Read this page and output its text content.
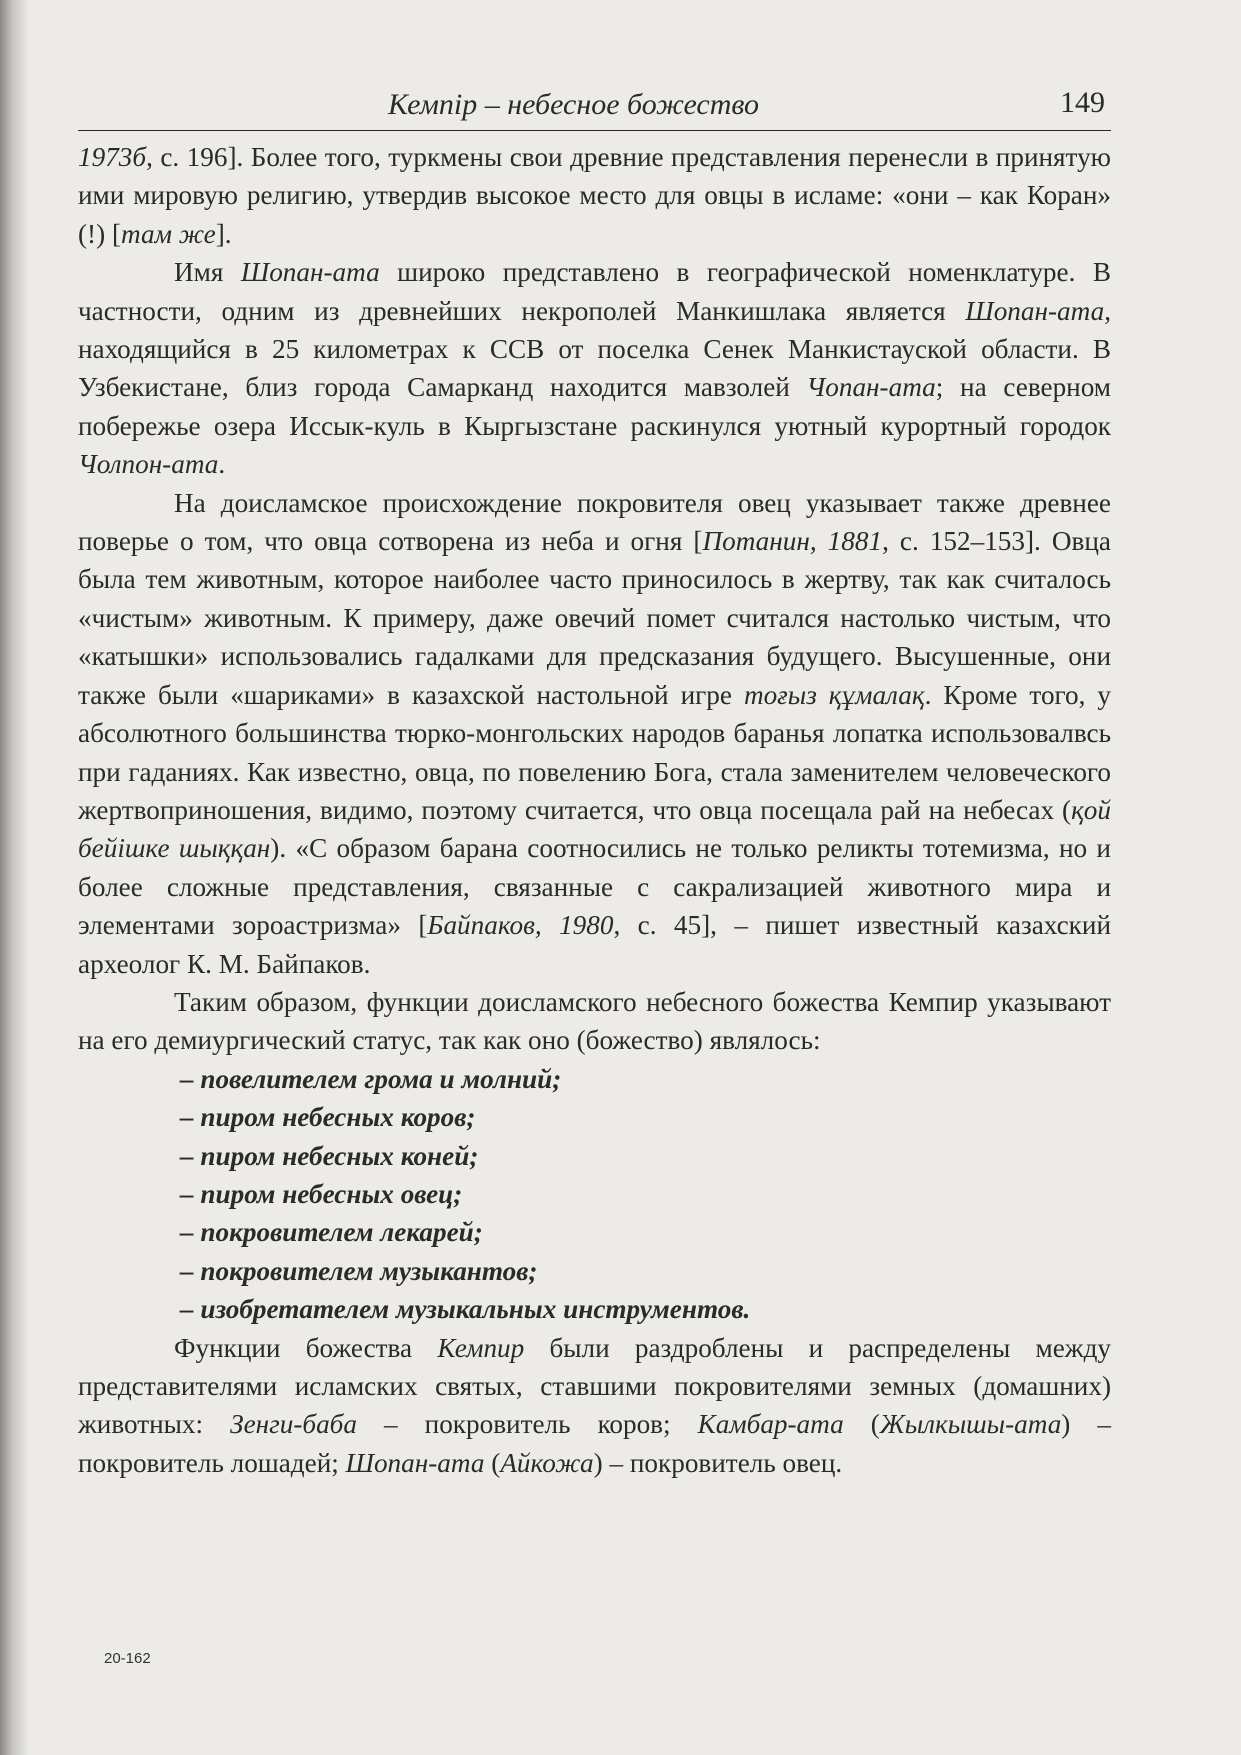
Кемпір – небесное божество	149

1973б, с. 196]. Более того, туркмены свои древние представления перенесли в принятую ими мировую религию, утвердив высокое место для овцы в исламе: «они – как Коран» (!) [там же].

Имя Шопан-ата широко представлено в географической номенклатуре. В частности, одним из древнейших некрополей Манкишлака является Шопан-ата, находящийся в 25 километрах к ССВ от поселка Сенек Манкистауской области. В Узбекистане, близ города Самарканд находится мавзолей Чопан-ата; на северном побережье озера Иссык-куль в Кыргызстане раскинулся уютный курортный городок Чолпон-ата.

На доисламское происхождение покровителя овец указывает также древнее поверье о том, что овца сотворена из неба и огня [Потанин, 1881, с. 152–153]. Овца была тем животным, которое наиболее часто приносилось в жертву, так как считалось «чистым» животным. К примеру, даже овечий помет считался настолько чистым, что «катышки» использовались гадалками для предсказания будущего. Высушенные, они также были «шариками» в казахской настольной игре тоғыз құмалақ. Кроме того, у абсолютного большинства тюрко-монгольских народов баранья лопатка использовалвсь при гаданиях. Как известно, овца, по повелению Бога, стала заменителем человеческого жертвоприношения, видимо, поэтому считается, что овца посещала рай на небесах (қой бейішке шыққан). «С образом барана соотносились не только реликты тотемизма, но и более сложные представления, связанные с сакрализацией животного мира и элементами зороастризма» [Байпаков, 1980, с. 45], – пишет известный казахский археолог К. М. Байпаков.

Таким образом, функции доисламского небесного божества Кемпир указывают на его демиургический статус, так как оно (божество) являлось:

– повелителем грома и молний;
– пиром небесных коров;
– пиром небесных коней;
– пиром небесных овец;
– покровителем лекарей;
– покровителем музыкантов;
– изобретателем музыкальных инструментов.

Функции божества Кемпир были раздроблены и распределены между представителями исламских святых, ставшими покровителями земных (домашних) животных: Зенги-баба – покровитель коров; Камбар-ата (Жылкышы-ата) – покровитель лошадей; Шопан-ата (Айкожа) – покровитель овец.

20-162
